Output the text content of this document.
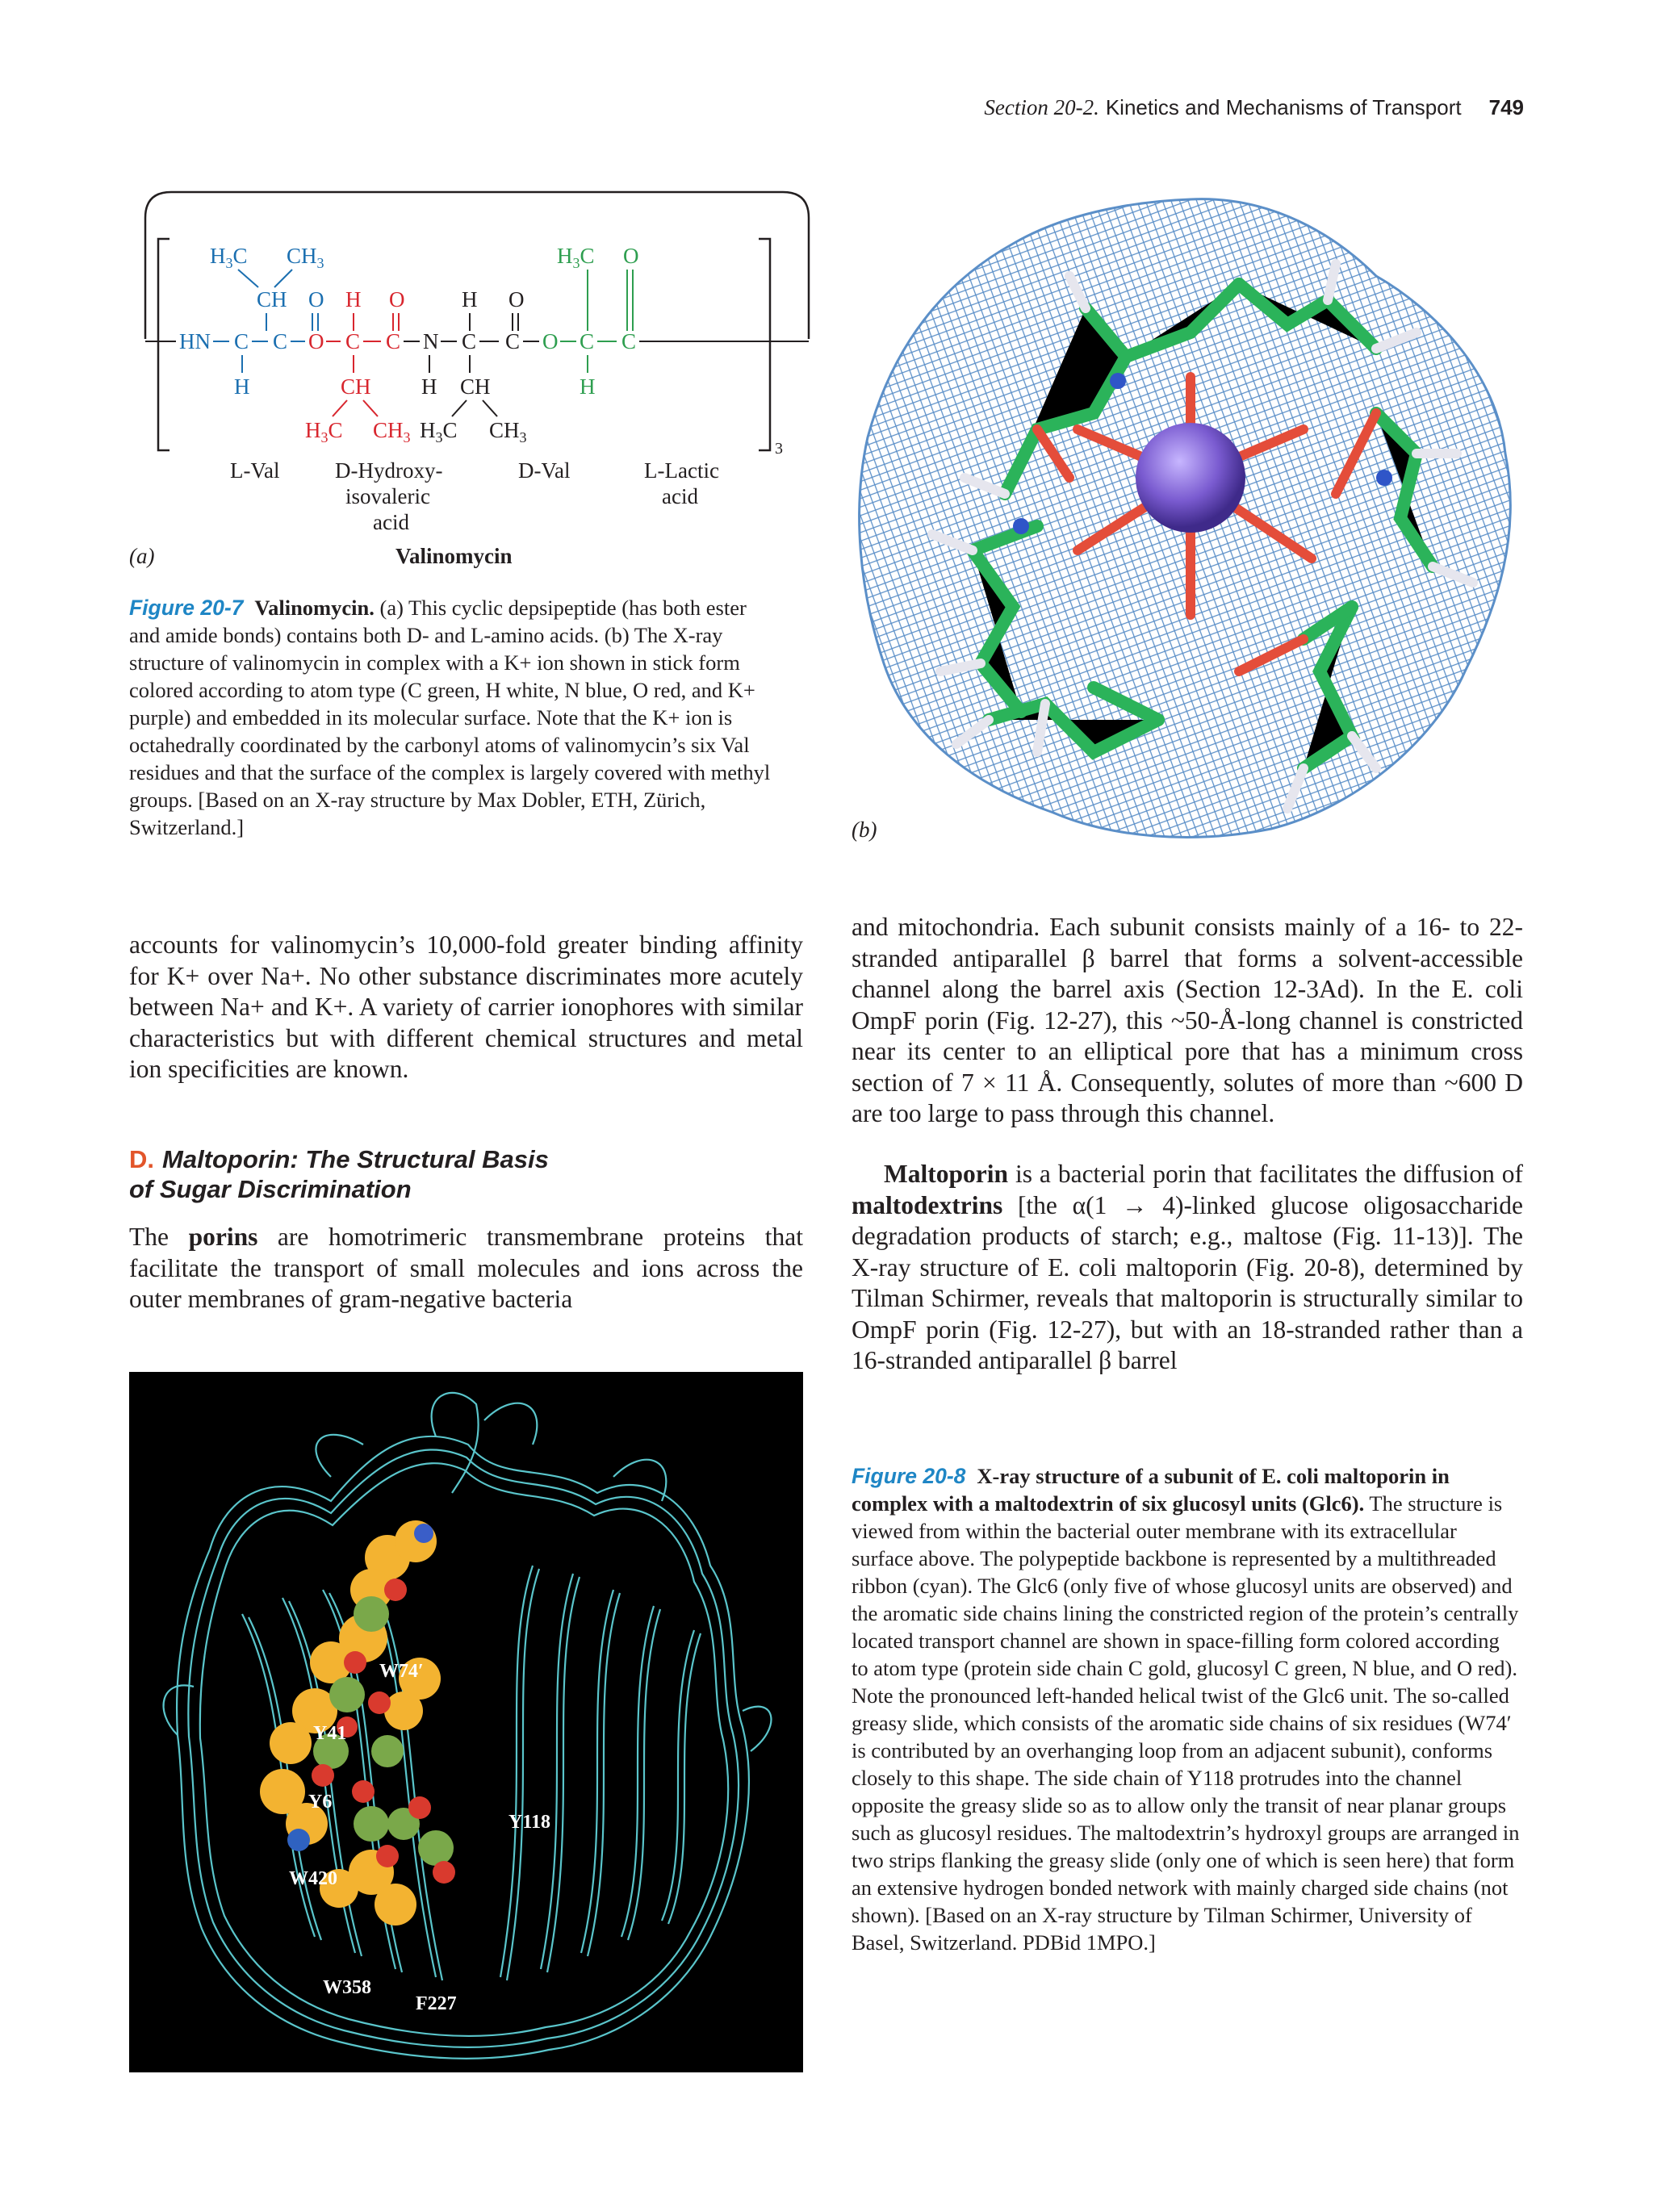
Section 20-2. Kinetics and Mechanisms of Transport 749
3
$H_3C$ $CH_3$
CH O
HN C C
H
O
H O
C C
CH
$H_3C$ $CH_3$
N
H O
C C
H CH
$H_3C$ $CH_3$
O
$H_3C$ O
C C
H
L-Val	D-Hydroxy-
isovaleric
acid
D-Val	L-Lactic
acid
(a)	Valinomycin
Figure 20-7 Valinomycin. (a) This cyclic depsipeptide (has both ester and amide bonds) contains both D- and L-amino acids. (b) The X-ray structure of valinomycin in complex with a K+ ion shown in stick form colored according to atom type (C green, H white, N blue, O red, and K+ purple) and embedded in its molecular surface. Note that the K+ ion is octahedrally coordinated by the carbonyl atoms of valinomycin’s six Val residues and that the surface of the complex is largely covered with methyl groups. [Based on an X-ray structure by Max Dobler, ETH, Zürich, Switzerland.]	(b)
accounts for valinomycin’s 10,000-fold greater binding affinity for K+ over Na+. No other substance discriminates more acutely between Na+ and K+. A variety of carrier ionophores with similar characteristics but with different chemical structures and metal ion specificities are known.
D. Maltoporin: The Structural Basis
of Sugar Discrimination
The porins are homotrimeric transmembrane proteins that facilitate the transport of small molecules and ions across the outer membranes of gram-negative bacteria
and mitochondria. Each subunit consists mainly of a 16- to 22-stranded antiparallel β barrel that forms a solvent-accessible channel along the barrel axis (Section 12-3Ad). In the E. coli OmpF porin (Fig. 12-27), this ~50-Å-long channel is constricted near its center to an elliptical pore that has a minimum cross section of 7 × 11 Å. Consequently, solutes of more than ~600 D are too large to pass through this channel.
Maltoporin is a bacterial porin that facilitates the diffusion of maltodextrins [the α(1 → 4)-linked glucose oligosaccharide degradation products of starch; e.g., maltose (Fig. 11-13)]. The X-ray structure of E. coli maltoporin (Fig. 20-8), determined by Tilman Schirmer, reveals that maltoporin is structurally similar to OmpF porin (Fig. 12-27), but with an 18-stranded rather than a 16-stranded antiparallel β barrel
W74′
Y41
Y6
Y118
W420
W358
F227
Figure 20-8 X-ray structure of a subunit of E. coli maltoporin in complex with a maltodextrin of six glucosyl units (Glc6). The structure is viewed from within the bacterial outer membrane with its extracellular surface above. The polypeptide backbone is represented by a multithreaded ribbon (cyan). The Glc6 (only five of whose glucosyl units are observed) and the aromatic side chains lining the constricted region of the protein’s centrally located transport channel are shown in space-filling form colored according to atom type (protein side chain C gold, glucosyl C green, N blue, and O red). Note the pronounced left-handed helical twist of the Glc6 unit. The so-called greasy slide, which consists of the aromatic side chains of six residues (W74′ is contributed by an overhanging loop from an adjacent subunit), conforms closely to this shape. The side chain of Y118 protrudes into the channel opposite the greasy slide so as to allow only the transit of near planar groups such as glucosyl residues. The maltodextrin’s hydroxyl groups are arranged in two strips flanking the greasy slide (only one of which is seen here) that form an extensive hydrogen bonded network with mainly charged side chains (not shown). [Based on an X-ray structure by Tilman Schirmer, University of Basel, Switzerland. PDBid 1MPO.]
